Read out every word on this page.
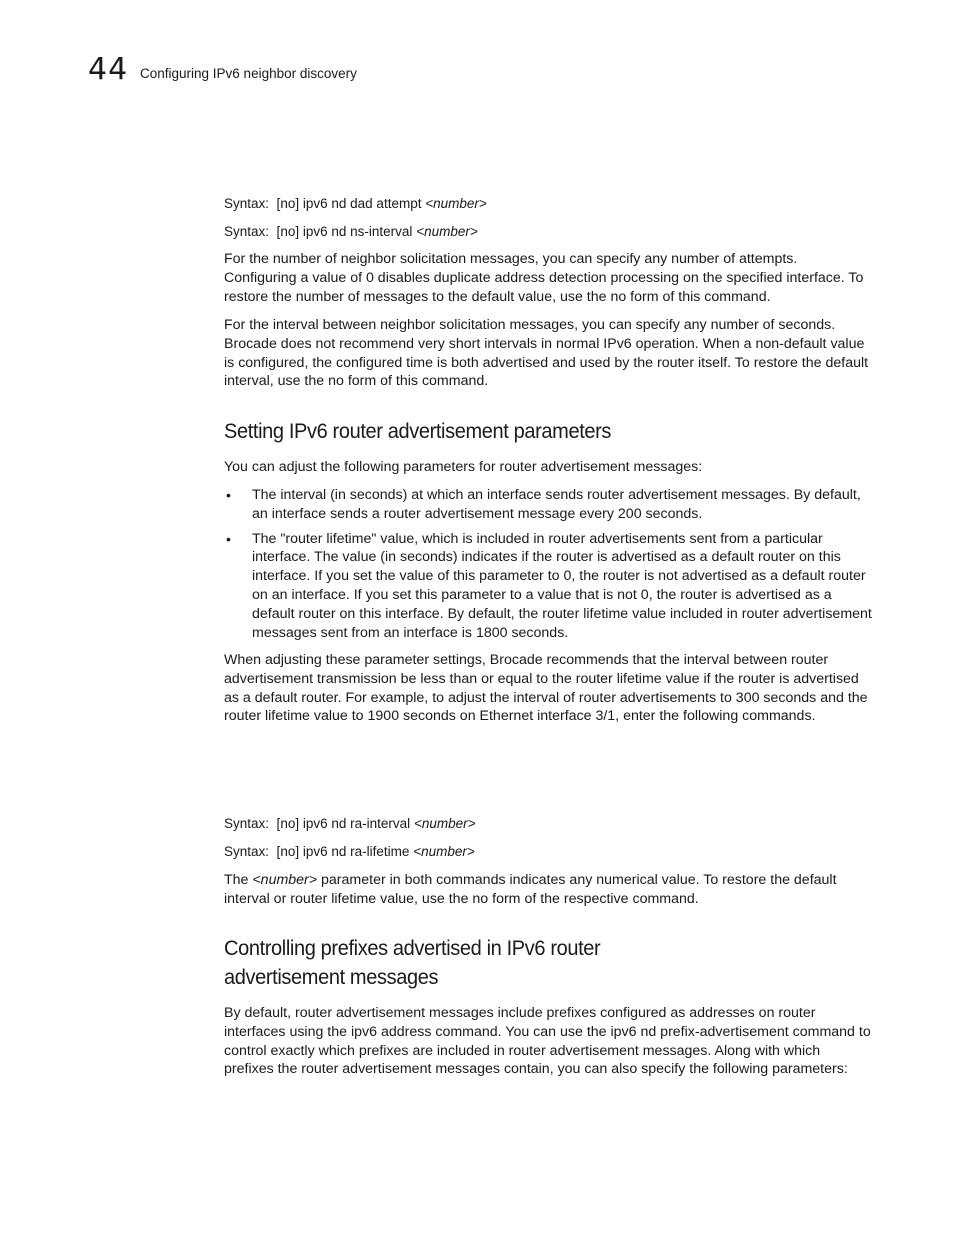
44 Configuring IPv6 neighbor discovery
Syntax: [no] ipv6 nd dad attempt <number>
Syntax: [no] ipv6 nd ns-interval <number>

For the number of neighbor solicitation messages, you can specify any number of attempts. Configuring a value of 0 disables duplicate address detection processing on the specified interface. To restore the number of messages to the default value, use the no form of this command.

For the interval between neighbor solicitation messages, you can specify any number of seconds. Brocade does not recommend very short intervals in normal IPv6 operation. When a non-default value is configured, the configured time is both advertised and used by the router itself. To restore the default interval, use the no form of this command.

Setting IPv6 router advertisement parameters

You can adjust the following parameters for router advertisement messages:

• The interval (in seconds) at which an interface sends router advertisement messages. By default, an interface sends a router advertisement message every 200 seconds.
• The "router lifetime" value, which is included in router advertisements sent from a particular interface. The value (in seconds) indicates if the router is advertised as a default router on this interface. If you set the value of this parameter to 0, the router is not advertised as a default router on an interface. If you set this parameter to a value that is not 0, the router is advertised as a default router on this interface. By default, the router lifetime value included in router advertisement messages sent from an interface is 1800 seconds.

When adjusting these parameter settings, Brocade recommends that the interval between router advertisement transmission be less than or equal to the router lifetime value if the router is advertised as a default router. For example, to adjust the interval of router advertisements to 300 seconds and the router lifetime value to 1900 seconds on Ethernet interface 3/1, enter the following commands.

Syntax: [no] ipv6 nd ra-interval <number>
Syntax: [no] ipv6 nd ra-lifetime <number>

The <number> parameter in both commands indicates any numerical value. To restore the default interval or router lifetime value, use the no form of the respective command.

Controlling prefixes advertised in IPv6 router
advertisement messages

By default, router advertisement messages include prefixes configured as addresses on router interfaces using the ipv6 address command. You can use the ipv6 nd prefix-advertisement command to control exactly which prefixes are included in router advertisement messages. Along with which prefixes the router advertisement messages contain, you can also specify the following parameters:
